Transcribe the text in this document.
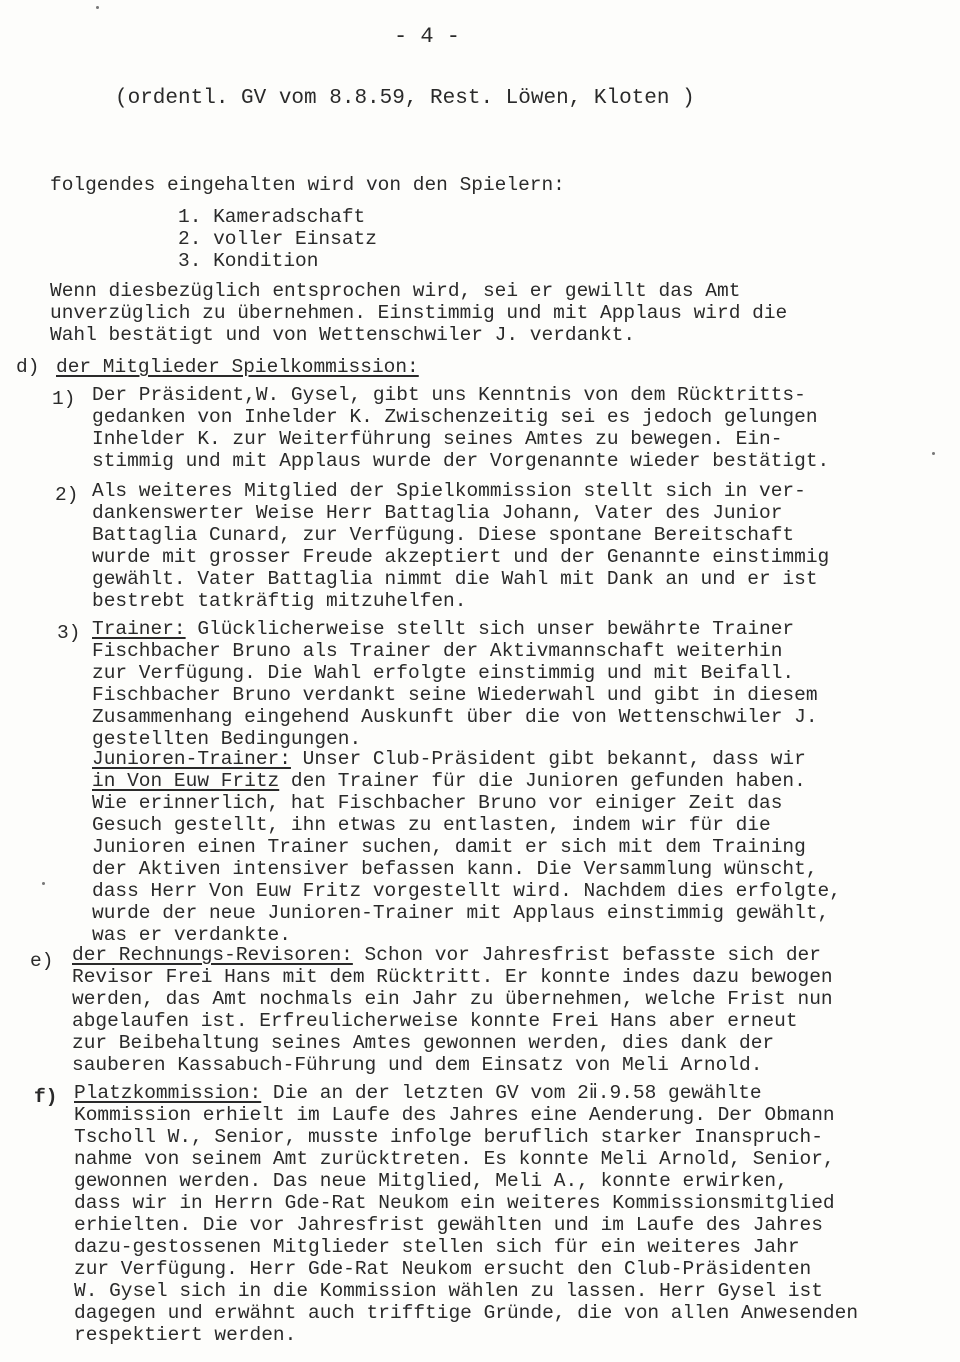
- 4 -
(ordentl. GV vom 8.8.59, Rest. Löwen, Kloten )
folgendes eingehalten wird von den Spielern:
1. Kameradschaft
2. voller Einsatz
3. Kondition
Wenn diesbezüglich entsprochen wird, sei er gewillt das Amt
unverzüglich zu übernehmen. Einstimmig und mit Applaus wird die
Wahl bestätigt und von Wettenschwiler J. verdankt.
d) der Mitglieder Spielkommission:
1) Der Präsident,W. Gysel, gibt uns Kenntnis von dem Rücktritts-
gedanken von Inhelder K. Zwischenzeitig sei es jedoch gelungen
Inhelder K. zur Weiterführung seines Amtes zu bewegen. Ein-
stimmig und mit Applaus wurde der Vorgenannte wieder bestätigt.
2) Als weiteres Mitglied der Spielkommission stellt sich in ver-
dankenswerter Weise Herr Battaglia Johann, Vater des Junior
Battaglia Cunard, zur Verfügung. Diese spontane Bereitschaft
wurde mit grosser Freude akzeptiert und der Genannte einstimmig
gewählt. Vater Battaglia nimmt die Wahl mit Dank an und er ist
bestrebt tatkräftig mitzuhelfen.
3) Trainer: Glücklicherweise stellt sich unser bewährte Trainer
Fischbacher Bruno als Trainer der Aktivmannschaft weiterhin
zur Verfügung. Die Wahl erfolgte einstimmig und mit Beifall.
Fischbacher Bruno verdankt seine Wiederwahl und gibt in diesem
Zusammenhang eingehend Auskunft über die von Wettenschwiler J.
gestellten Bedingungen.
Junioren-Trainer: Unser Club-Präsident gibt bekannt, dass wir
in Von Euw Fritz den Trainer für die Junioren gefunden haben.
Wie erinnerlich, hat Fischbacher Bruno vor einiger Zeit das
Gesuch gestellt, ihn etwas zu entlasten, indem wir für die
Junioren einen Trainer suchen, damit er sich mit dem Training
der Aktiven intensiver befassen kann. Die Versammlung wünscht,
dass Herr Von Euw Fritz vorgestellt wird. Nachdem dies erfolgte,
wurde der neue Junioren-Trainer mit Applaus einstimmig gewählt,
was er verdankte.
e) der Rechnungs-Revisoren: Schon vor Jahresfrist befasste sich der
Revisor Frei Hans mit dem Rücktritt. Er konnte indes dazu bewogen
werden, das Amt nochmals ein Jahr zu übernehmen, welche Frist nun
abgelaufen ist. Erfreulicherweise konnte Frei Hans aber erneut
zur Beibehaltung seines Amtes gewonnen werden, dies dank der
sauberen Kassabuch-Führung und dem Einsatz von Meli Arnold.
f) Platzkommission: Die an der letzten GV vom 2ⅱ.9.58 gewählte
Kommission erhielt im Laufe des Jahres eine Aenderung. Der Obmann
Tscholl W., Senior, musste infolge beruflich starker Inanspruch-
nahme von seinem Amt zurücktreten. Es konnte Meli Arnold, Senior,
gewonnen werden. Das neue Mitglied, Meli A., konnte erwirken,
dass wir in Herrn Gde-Rat Neukom ein weiteres Kommissionsmitglied
erhielten. Die vor Jahresfrist gewählten und im Laufe des Jahres
dazu-gestossenen Mitglieder stellen sich für ein weiteres Jahr
zur Verfügung. Herr Gde-Rat Neukom ersucht den Club-Präsidenten
W. Gysel sich in die Kommission wählen zu lassen. Herr Gysel ist
dagegen und erwähnt auch trifftige Gründe, die von allen Anwesenden
respektiert werden.
